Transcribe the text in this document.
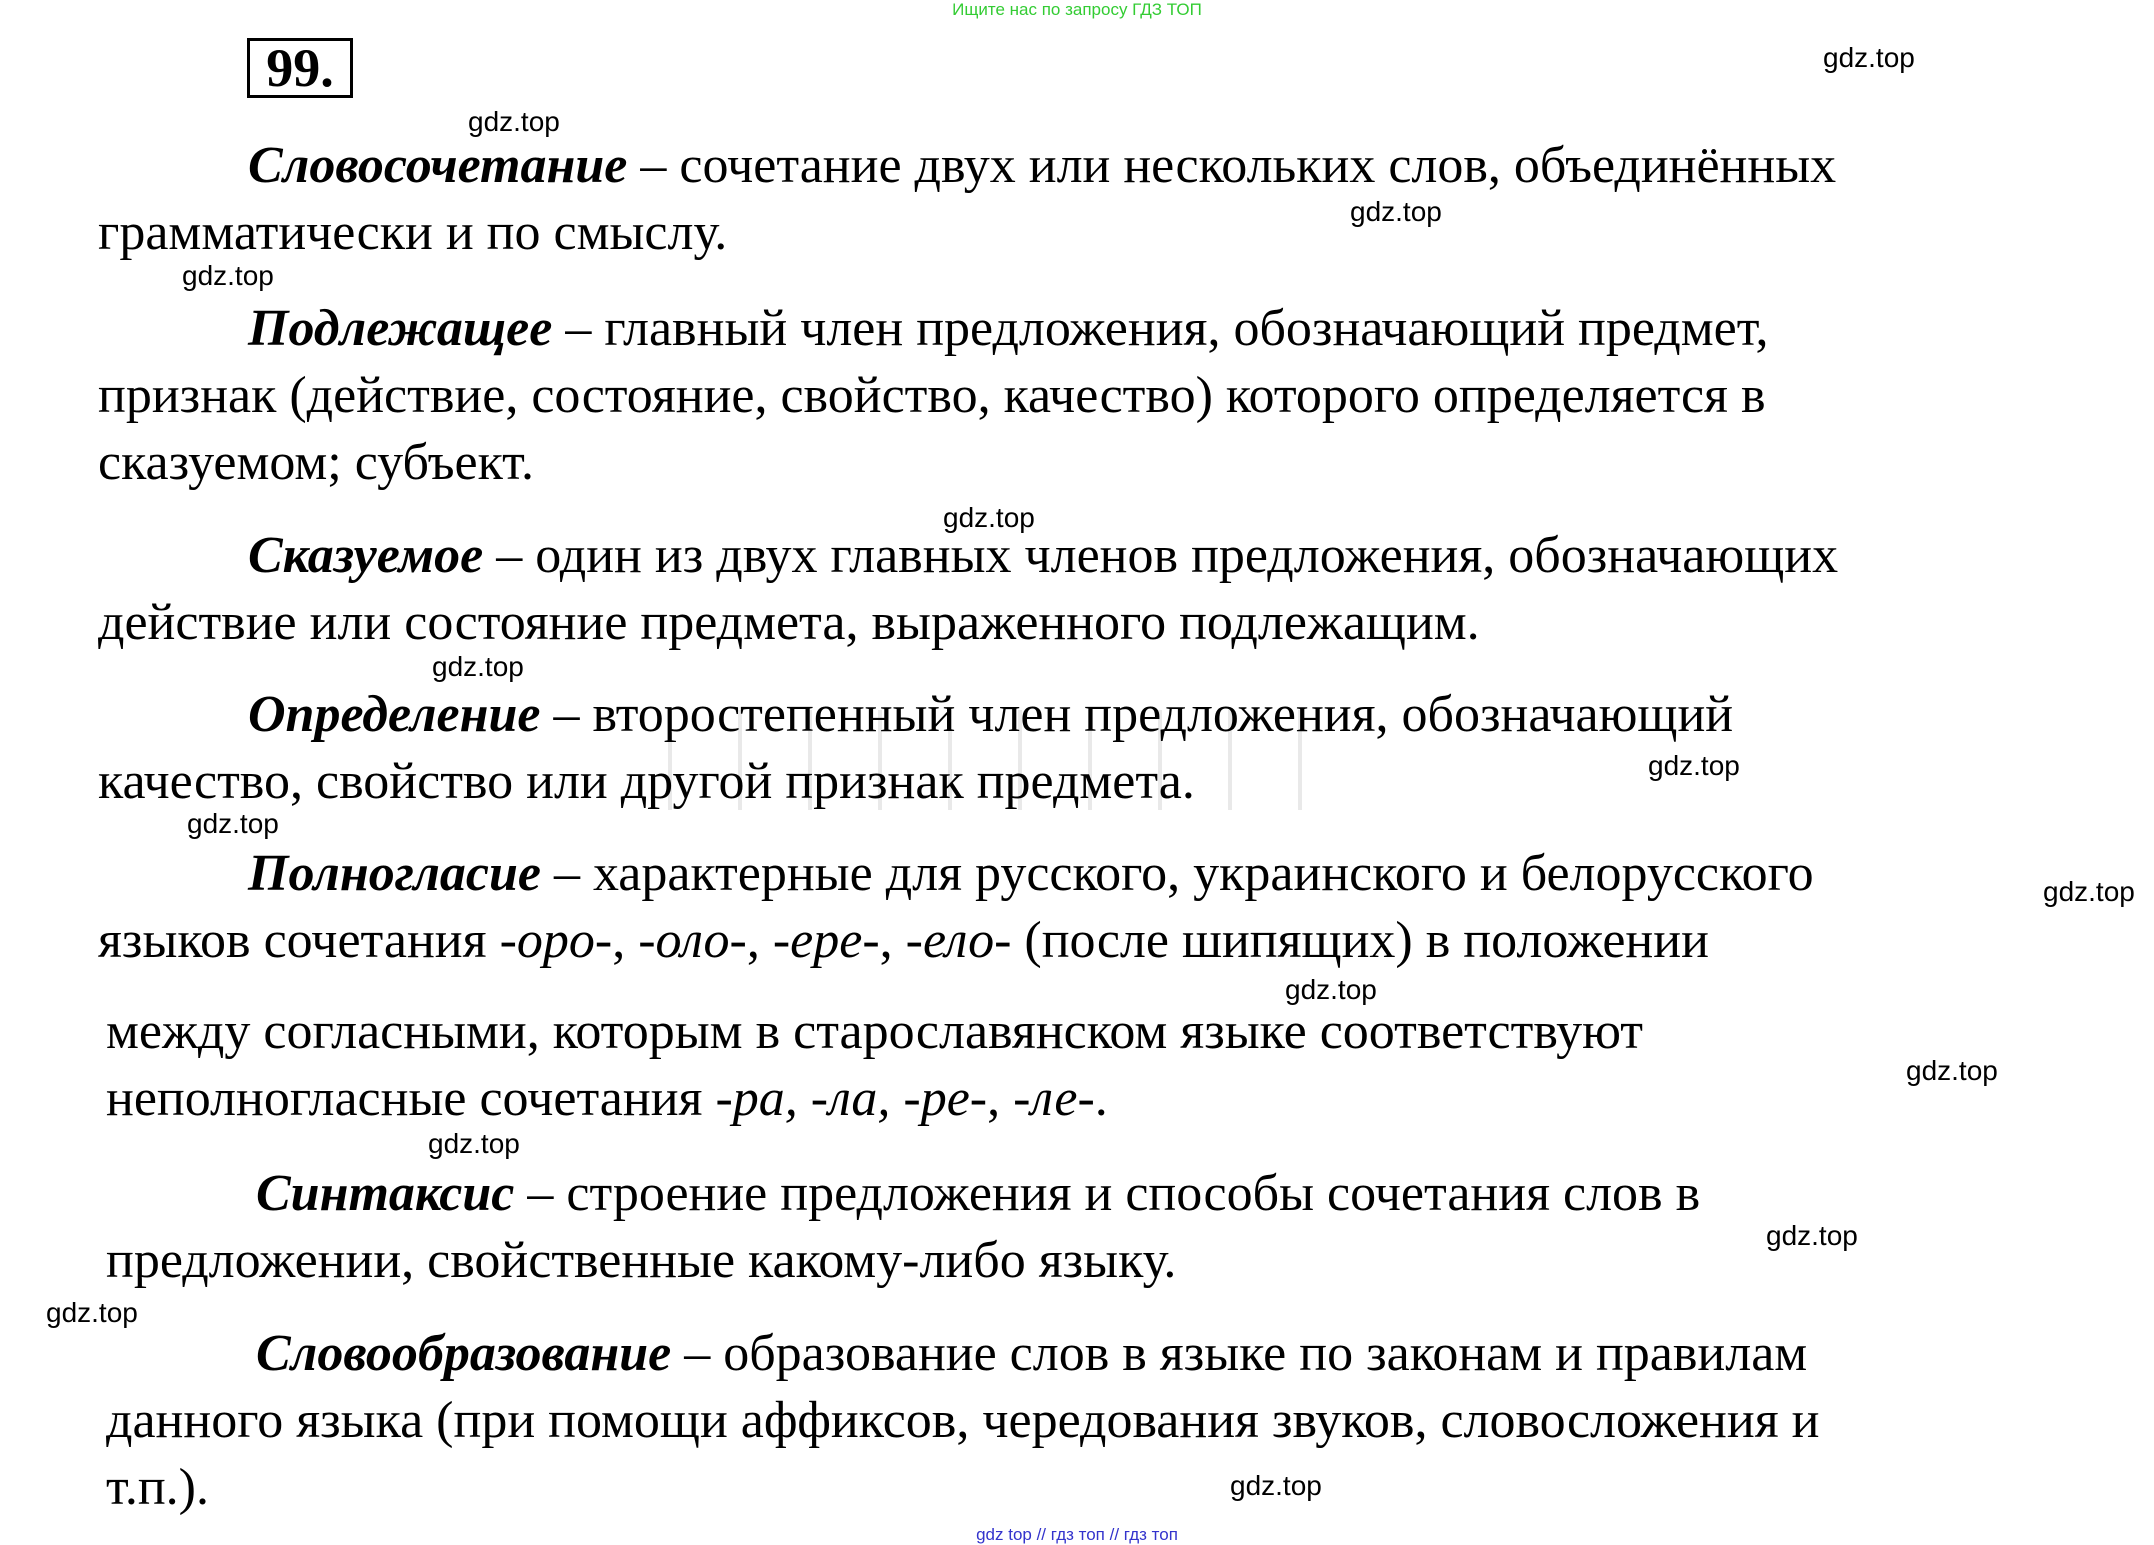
Ищите нас по запросу ГДЗ ТОП
99.	gdz.top
gdz.top
gdz.top
gdz.top
gdz.top
gdz.top
gdz.top
gdz.top
gdz.top
gdz.top
gdz.top
gdz.top
gdz.top
gdz.top
gdz.top
Словосочетание – сочетание двух или нескольких слов, объединённых
грамматически и по смыслу.
Подлежащее – главный член предложения, обозначающий предмет,
признак (действие, состояние, свойство, качество) которого определяется в
сказуемом; субъект.
Сказуемое – один из двух главных членов предложения, обозначающих
действие или состояние предмета, выраженного подлежащим.
Определение – второстепенный член предложения, обозначающий
качество, свойство или другой признак предмета.
Полногласие – характерные для русского, украинского и белорусского
языков сочетания -оро-, -оло-, -ере-, -ело- (после шипящих) в положении
между согласными, которым в старославянском языке соответствуют
неполногласные сочетания -ра, -ла, -ре-, -ле-.
Синтаксис – строение предложения и способы сочетания слов в
предложении, свойственные какому-либо языку.
Словообразование – образование слов в языке по законам и правилам
данного языка (при помощи аффиксов, чередования звуков, словосложения и
т.п.).
gdz top // гдз топ // гдз топ
